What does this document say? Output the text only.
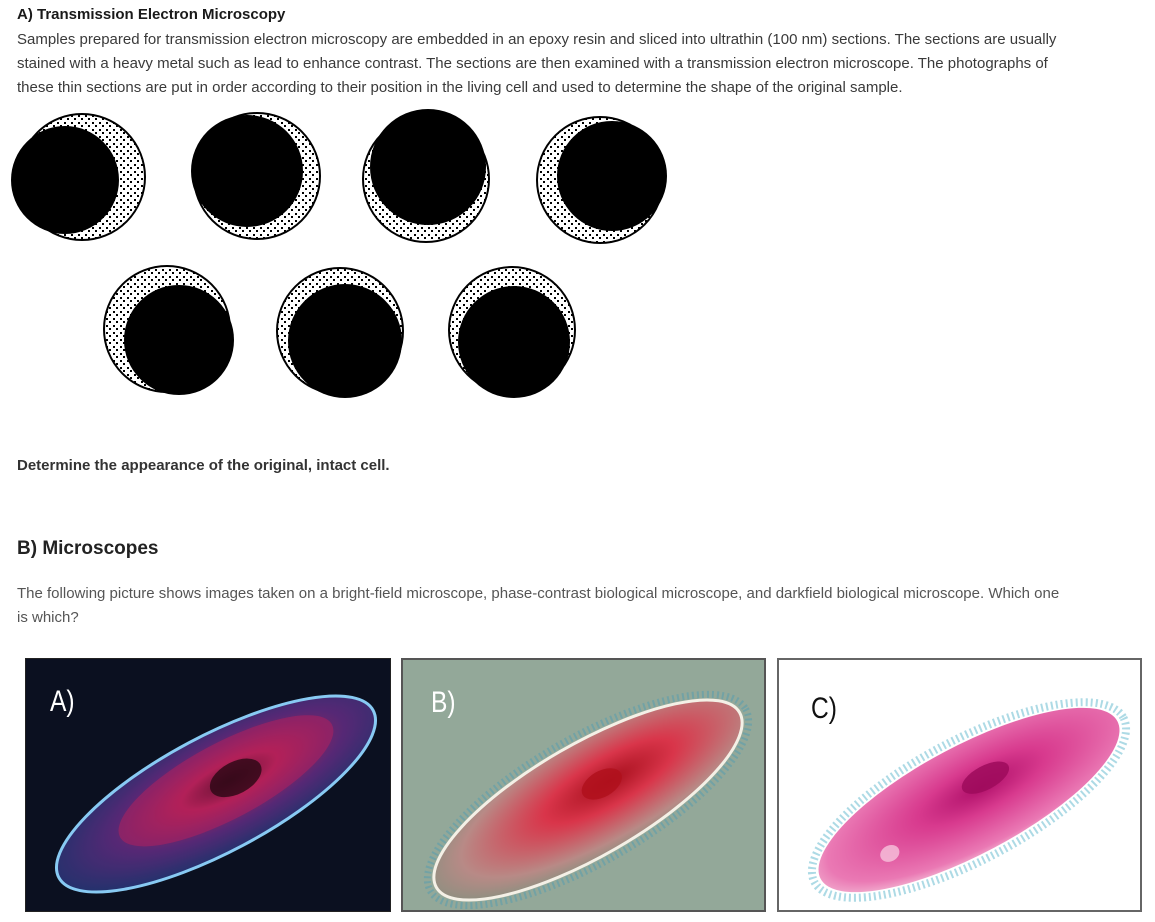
A) Transmission Electron Microscopy
Samples prepared for transmission electron microscopy are embedded in an epoxy resin and sliced into ultrathin (100 nm) sections. The sections are usually
stained with a heavy metal such as lead to enhance contrast. The sections are then examined with a transmission electron microscope. The photographs of
these thin sections are put in order according to their position in the living cell and used to determine the shape of the original sample.
Determine the appearance of the original, intact cell.
B) Microscopes
The following picture shows images taken on a bright-field microscope, phase-contrast biological microscope, and darkfield biological microscope. Which one
is which?
A)	B)	C)
